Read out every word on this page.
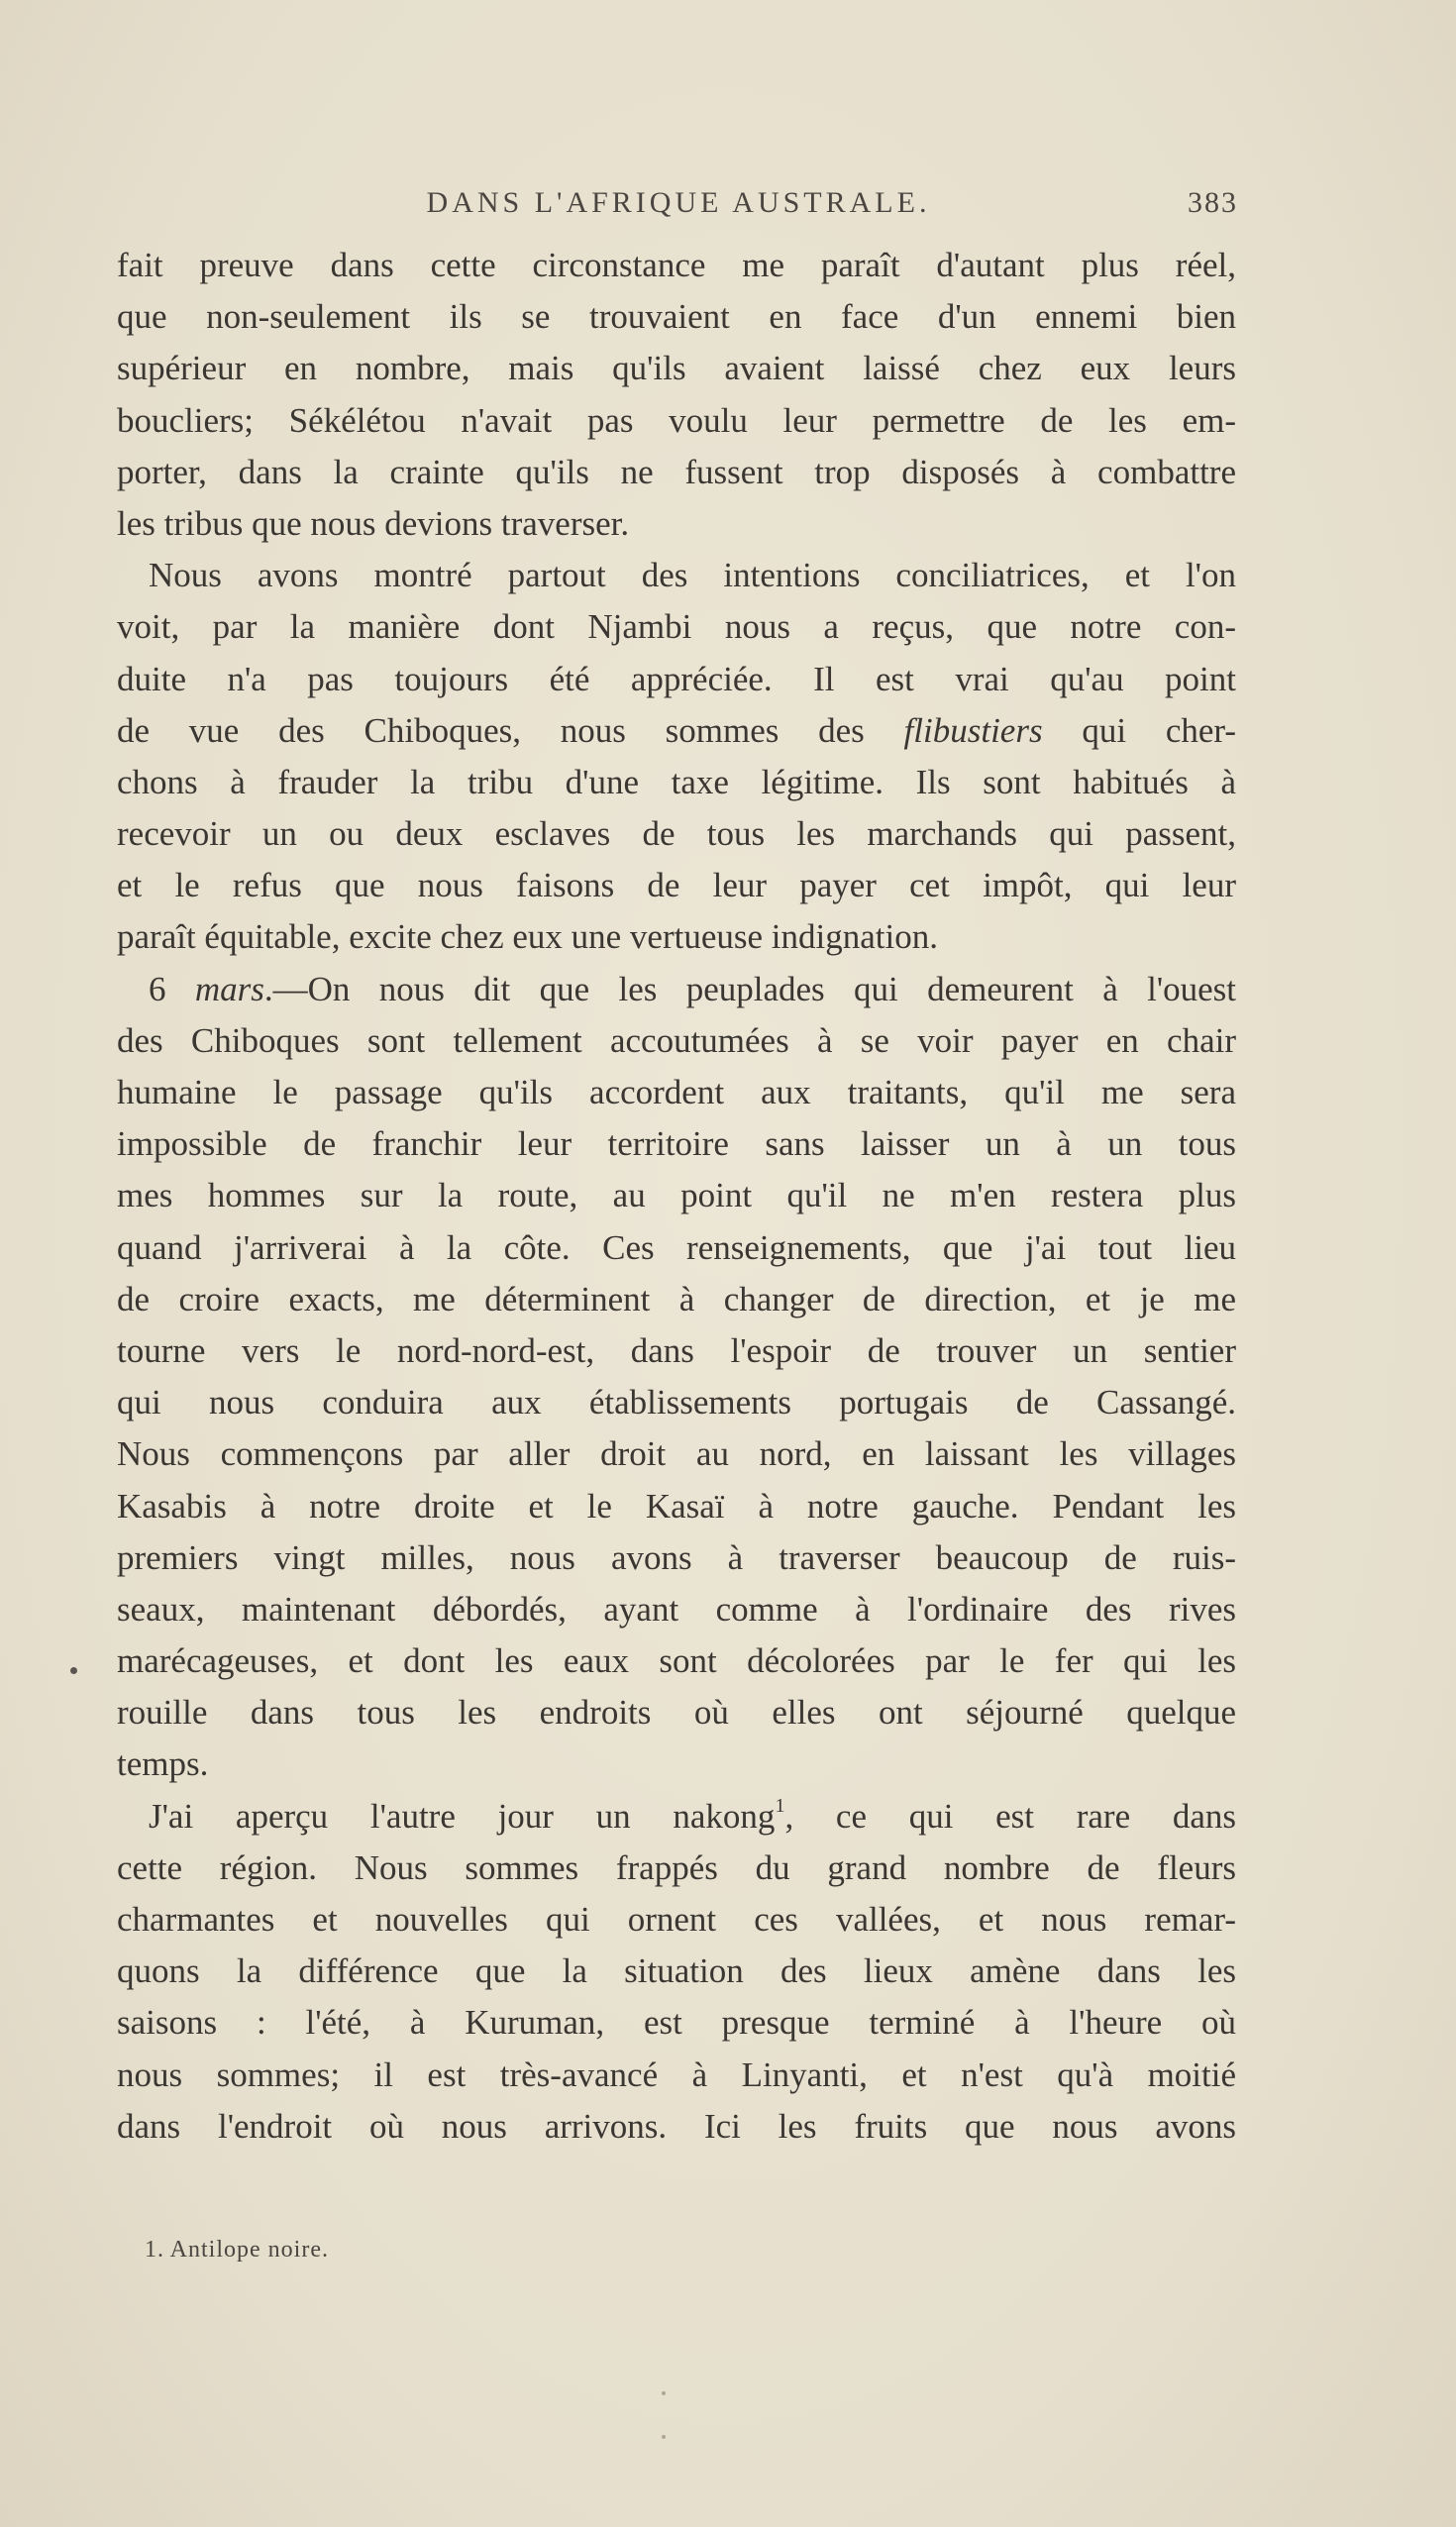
DANS L'AFRIQUE AUSTRALE.	383
fait preuve dans cette circonstance me paraît d'autant plus réel,
que non-seulement ils se trouvaient en face d'un ennemi bien
supérieur en nombre, mais qu'ils avaient laissé chez eux leurs
boucliers; Sékélétou n'avait pas voulu leur permettre de les em-
porter, dans la crainte qu'ils ne fussent trop disposés à combattre
les tribus que nous devions traverser.
Nous avons montré partout des intentions conciliatrices, et l'on
voit, par la manière dont Njambi nous a reçus, que notre con-
duite n'a pas toujours été appréciée. Il est vrai qu'au point
de vue des Chiboques, nous sommes des flibustiers qui cher-
chons à frauder la tribu d'une taxe légitime. Ils sont habitués à
recevoir un ou deux esclaves de tous les marchands qui passent,
et le refus que nous faisons de leur payer cet impôt, qui leur
paraît équitable, excite chez eux une vertueuse indignation.
6 mars.—On nous dit que les peuplades qui demeurent à l'ouest
des Chiboques sont tellement accoutumées à se voir payer en chair
humaine le passage qu'ils accordent aux traitants, qu'il me sera
impossible de franchir leur territoire sans laisser un à un tous
mes hommes sur la route, au point qu'il ne m'en restera plus
quand j'arriverai à la côte. Ces renseignements, que j'ai tout lieu
de croire exacts, me déterminent à changer de direction, et je me
tourne vers le nord-nord-est, dans l'espoir de trouver un sentier
qui nous conduira aux établissements portugais de Cassangé.
Nous commençons par aller droit au nord, en laissant les villages
Kasabis à notre droite et le Kasaï à notre gauche. Pendant les
premiers vingt milles, nous avons à traverser beaucoup de ruis-
seaux, maintenant débordés, ayant comme à l'ordinaire des rives
marécageuses, et dont les eaux sont décolorées par le fer qui les
rouille dans tous les endroits où elles ont séjourné quelque
temps.
J'ai aperçu l'autre jour un nakong$^1$, ce qui est rare dans
cette région. Nous sommes frappés du grand nombre de fleurs
charmantes et nouvelles qui ornent ces vallées, et nous remar-
quons la différence que la situation des lieux amène dans les
saisons : l'été, à Kuruman, est presque terminé à l'heure où
nous sommes; il est très-avancé à Linyanti, et n'est qu'à moitié
dans l'endroit où nous arrivons. Ici les fruits que nous avons
1. Antilope noire.
